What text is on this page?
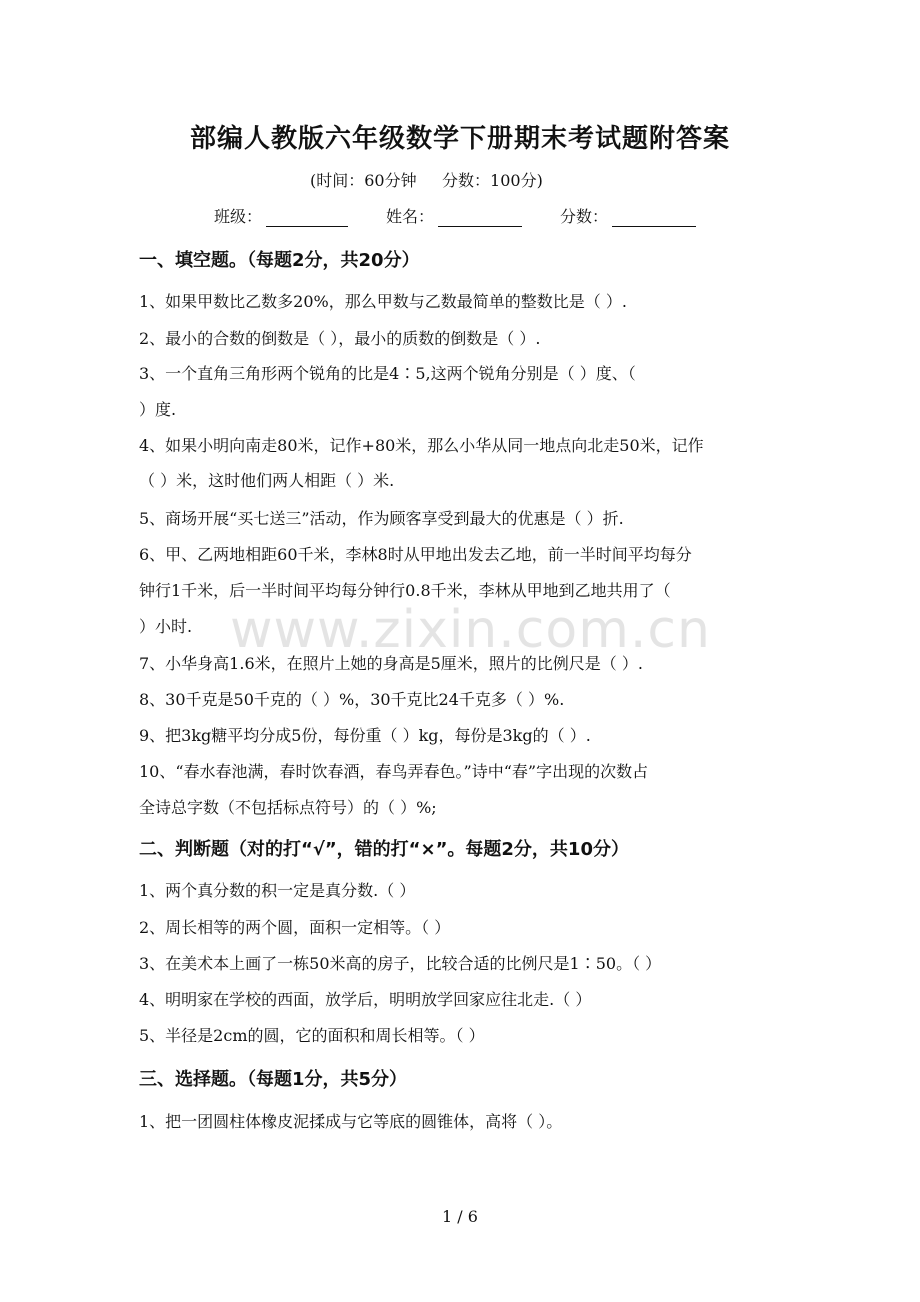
部编人教版六年级数学下册期末考试题附答案
(时间：60分钟     分数：100分)
班级：	姓名：	分数：
一、填空题。（每题2分，共20分）
1、如果甲数比乙数多20%，那么甲数与乙数最简单的整数比是（ ）.
2、最小的合数的倒数是（ ），最小的质数的倒数是（ ）.
3、一个直角三角形两个锐角的比是4∶5,这两个锐角分别是（ ）度、（
）度.
4、如果小明向南走80米，记作+80米，那么小华从同一地点向北走50米，记作
（ ）米，这时他们两人相距（ ）米.
5、商场开展“买七送三”活动，作为顾客享受到最大的优惠是（ ）折.
6、甲、乙两地相距60千米，李林8时从甲地出发去乙地，前一半时间平均每分
钟行1千米，后一半时间平均每分钟行0.8千米，李林从甲地到乙地共用了（
）小时.
7、小华身高1.6米，在照片上她的身高是5厘米，照片的比例尺是（ ）.
8、30千克是50千克的（ ）%，30千克比24千克多（ ）%.
9、把3kg糖平均分成5份，每份重（ ）kg，每份是3kg的（ ）.
10、“春水春池满，春时饮春酒，春鸟弄春色。”诗中“春”字出现的次数占
全诗总字数（不包括标点符号）的（ ）%;
二、判断题（对的打“√”，错的打“×”。每题2分，共10分）
1、两个真分数的积一定是真分数.（ ）
2、周长相等的两个圆，面积一定相等。（ ）
3、在美术本上画了一栋50米高的房子，比较合适的比例尺是1∶50。（ ）
4、明明家在学校的西面，放学后，明明放学回家应往北走.（ ）
5、半径是2cm的圆，它的面积和周长相等。（ ）
三、选择题。（每题1分，共5分）
1、把一团圆柱体橡皮泥揉成与它等底的圆锥体，高将（ ）。
www.zixin.com.cn
1 / 6
